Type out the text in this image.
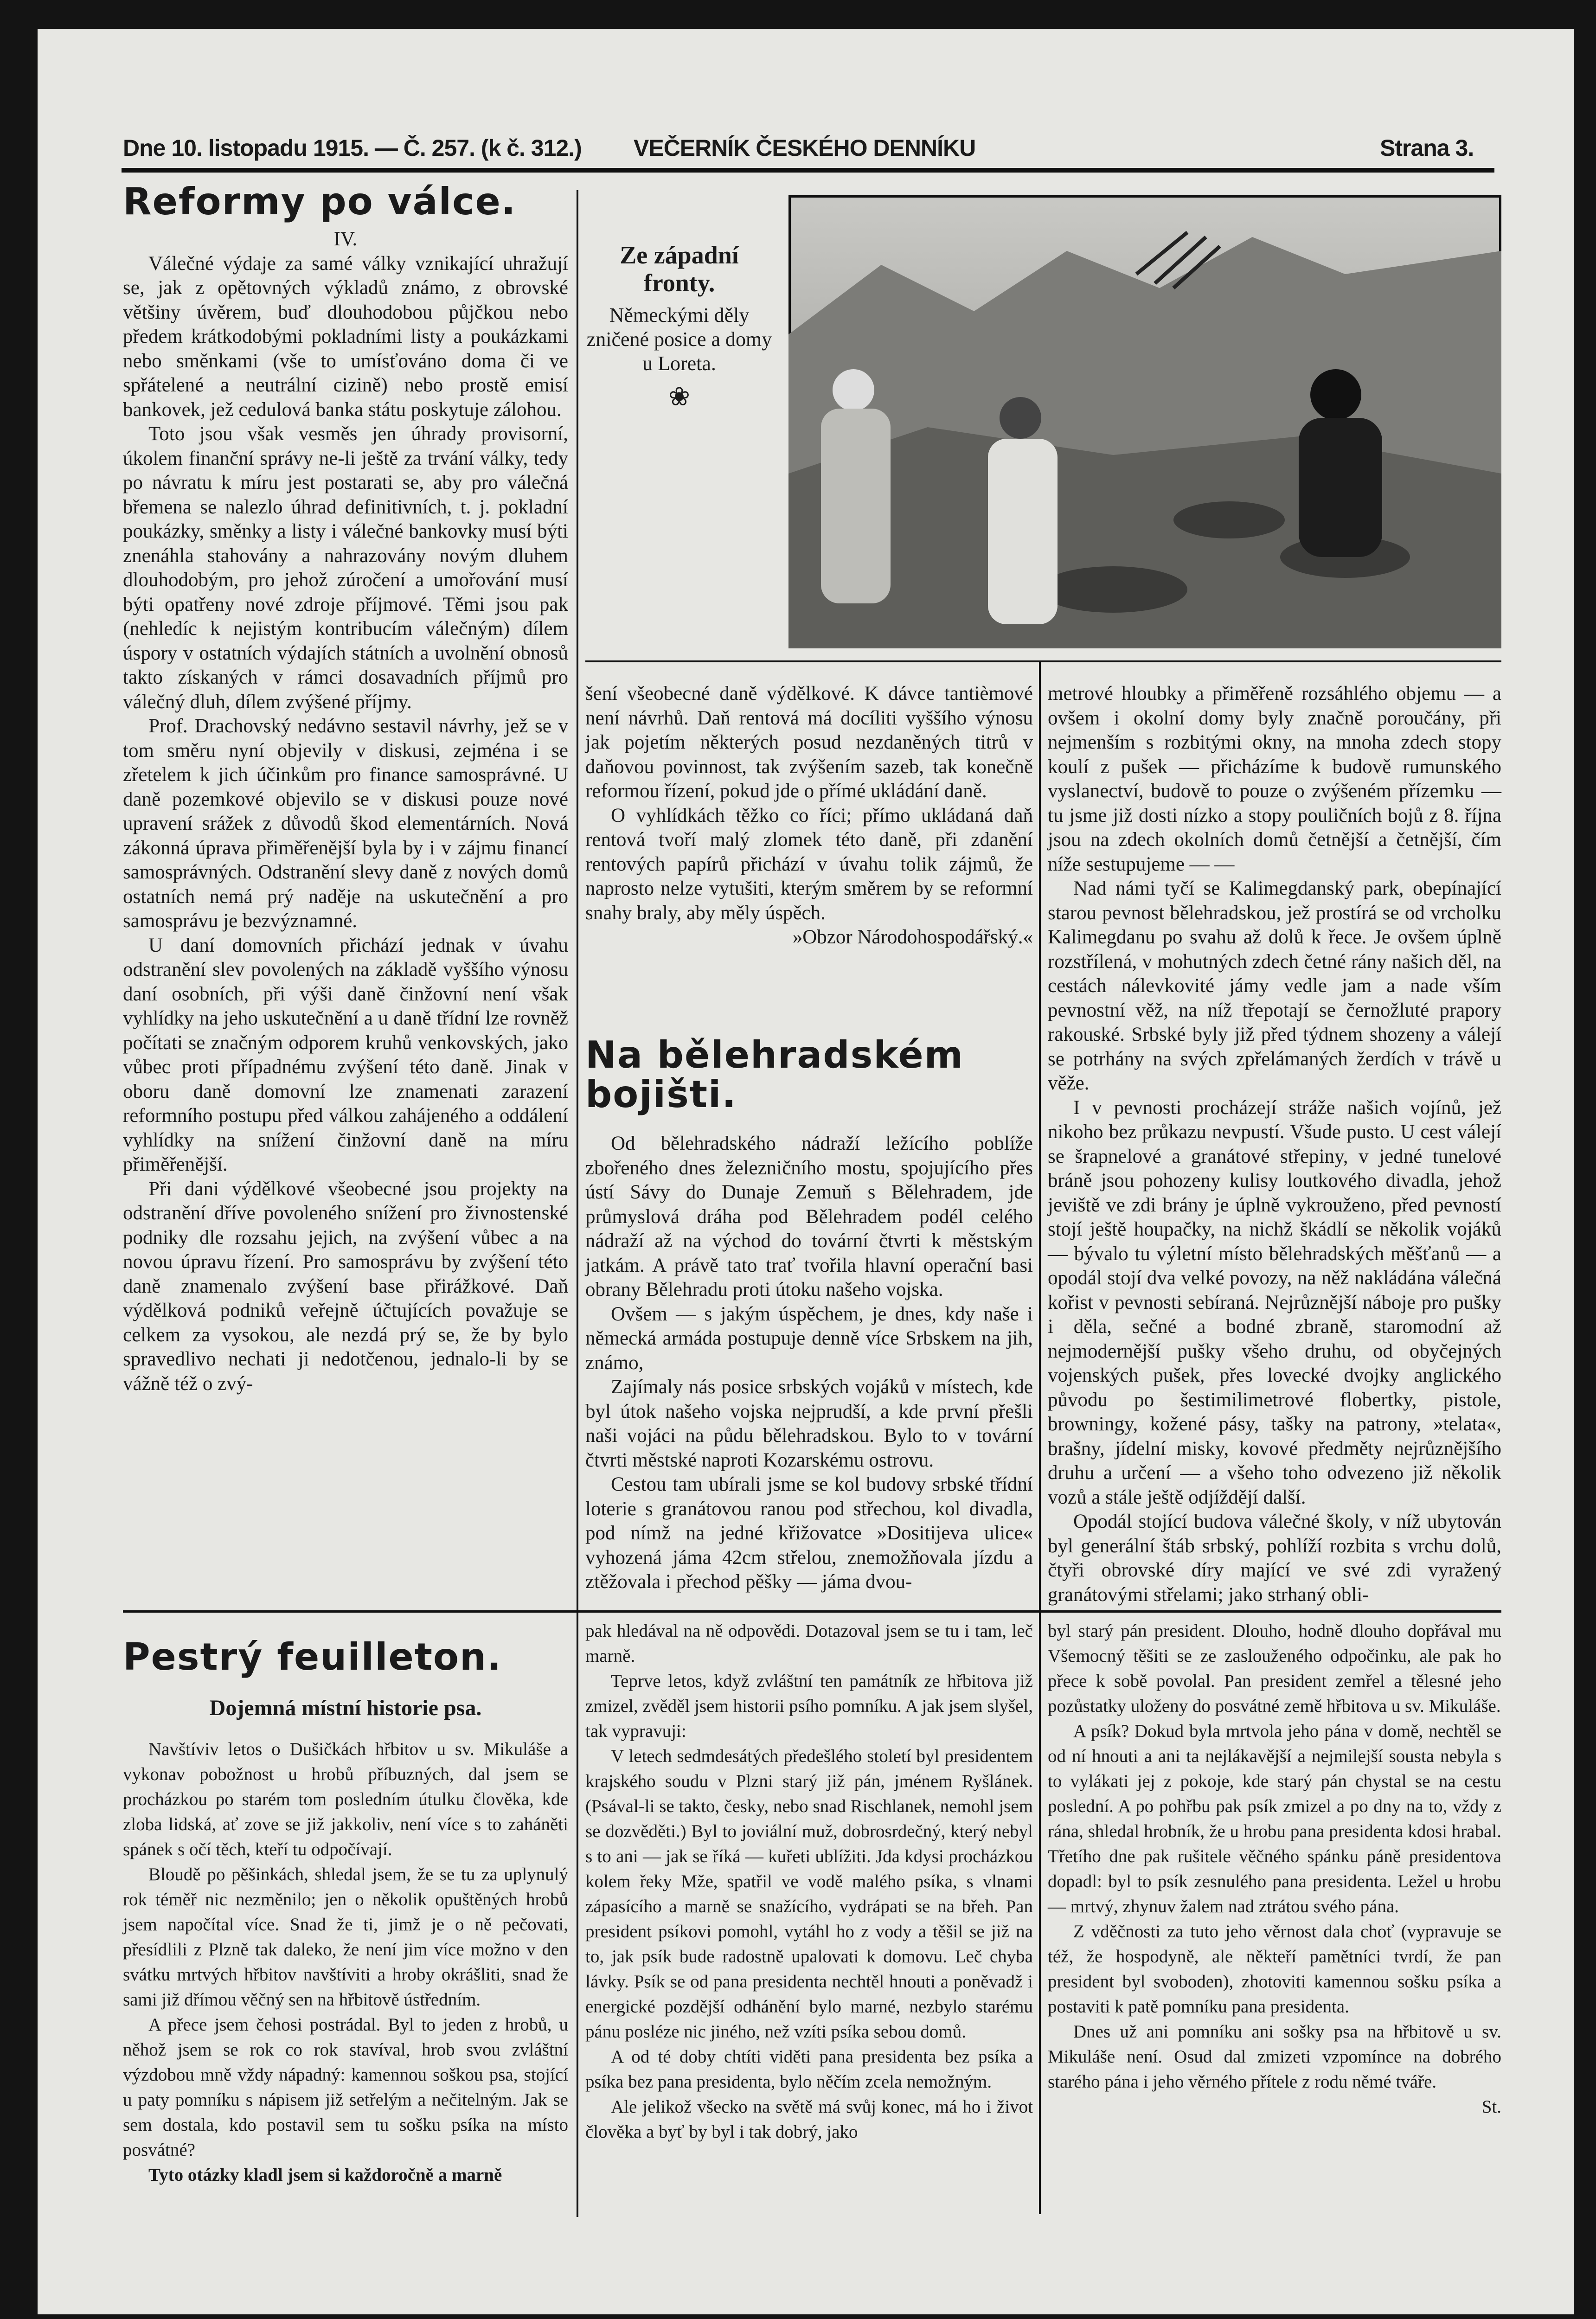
Dne 10. listopadu 1915. — Č. 257. (k č. 312.) VEČERNÍK ČESKÉHO DENNÍKU	Strana 3.
Reformy po válce.

IV.

Válečné výdaje za samé války vznikající uhražují se, jak z opětovných výkladů známo, z obrovské většiny úvěrem, buď dlouhodobou půjčkou nebo předem krátkodobými pokladními listy a poukázkami nebo směnkami (vše to umísťováno doma či ve spřátelené a neutrální cizině) nebo prostě emisí bankovek, jež cedulová banka státu poskytuje zálohou.

Toto jsou však vesměs jen úhrady provisorní, úkolem finanční správy ne-li ještě za trvání války, tedy po návratu k míru jest postarati se, aby pro válečná břemena se nalezlo úhrad definitivních, t. j. pokladní poukázky, směnky a listy i válečné bankovky musí býti znenáhla stahovány a nahrazovány novým dluhem dlouhodobým, pro jehož zúročení a umořování musí býti opatřeny nové zdroje příjmové. Těmi jsou pak (nehledíc k nejistým kontribucím válečným) dílem úspory v ostatních výdajích státních a uvolnění obnosů takto získaných v rámci dosavadních příjmů pro válečný dluh, dílem zvýšené příjmy.

Prof. Drachovský nedávno sestavil návrhy, jež se v tom směru nyní objevily v diskusi, zejména i se zřetelem k jich účinkům pro finance samosprávné. U daně pozemkové objevilo se v diskusi pouze nové upravení srážek z důvodů škod elementárních. Nová zákonná úprava přiměřenější byla by i v zájmu financí samosprávných. Odstranění slevy daně z nových domů ostatních nemá prý naděje na uskutečnění a pro samosprávu je bezvýznamné.

U daní domovních přichází jednak v úvahu odstranění slev povolených na základě vyššího výnosu daní osobních, při výši daně činžovní není však vyhlídky na jeho uskutečnění a u daně třídní lze rovněž počítati se značným odporem kruhů venkovských, jako vůbec proti případnému zvýšení této daně. Jinak v oboru daně domovní lze znamenati zarazení reformního postupu před válkou zahájeného a oddálení vyhlídky na snížení činžovní daně na míru přiměřenější.

Při dani výdělkové všeobecné jsou projekty na odstranění dříve povoleného snížení pro živnostenské podniky dle rozsahu jejich, na zvýšení vůbec a na novou úpravu řízení. Pro samosprávu by zvýšení této daně znamenalo zvýšení base přirážkové. Daň výdělková podniků veřejně účtujících považuje se celkem za vysokou, ale nezdá prý se, že by bylo spravedlivo nechati ji nedotčenou, jednalo-li by se vážně též o zvý-

Ze západní fronty.
Německými děly zničené posice a domy u Loreta.
❀

šení všeobecné daně výdělkové. K dávce tantièmové není návrhů. Daň rentová má docíliti vyššího výnosu jak pojetím některých posud nezdaněných titrů v daňovou povinnost, tak zvýšením sazeb, tak konečně reformou řízení, pokud jde o přímé ukládání daně.

O vyhlídkách těžko co říci; přímo ukládaná daň rentová tvoří malý zlomek této daně, při zdanění rentových papírů přichází v úvahu tolik zájmů, že naprosto nelze vytušiti, kterým směrem by se reformní snahy braly, aby měly úspěch.

»Obzor Národohospodářský.«

Na bělehradském bojišti.

Od bělehradského nádraží ležícího poblíže zbořeného dnes železničního mostu, spojujícího přes ústí Sávy do Dunaje Zemuň s Bělehradem, jde průmyslová dráha pod Bělehradem podél celého nádraží až na východ do tovární čtvrti k městským jatkám. A právě tato trať tvořila hlavní operační basi obrany Bělehradu proti útoku našeho vojska.

Ovšem — s jakým úspěchem, je dnes, kdy naše i německá armáda postupuje denně více Srbskem na jih, známo,

Zajímaly nás posice srbských vojáků v místech, kde byl útok našeho vojska nejprudší, a kde první přešli naši vojáci na půdu bělehradskou. Bylo to v tovární čtvrti městské naproti Kozarskému ostrovu.

Cestou tam ubírali jsme se kol budovy srbské třídní loterie s granátovou ranou pod střechou, kol divadla, pod nímž na jedné křižovatce »Dositijeva ulice« vyhozená jáma 42cm střelou, znemožňovala jízdu a ztěžovala i přechod pěšky — jáma dvou-

metrové hloubky a přiměřeně rozsáhlého objemu — a ovšem i okolní domy byly značně poroučány, při nejmenším s rozbitými okny, na mnoha zdech stopy koulí z pušek — přicházíme k budově rumunského vyslanectví, budově to pouze o zvýšeném přízemku — tu jsme již dosti nízko a stopy pouličních bojů z 8. října jsou na zdech okolních domů četnější a četnější, čím níže sestupujeme — —

Nad námi tyčí se Kalimegdanský park, obepínající starou pevnost bělehradskou, jež prostírá se od vrcholku Kalimegdanu po svahu až dolů k řece. Je ovšem úplně rozstřílená, v mohutných zdech četné rány našich děl, na cestách nálevkovité jámy vedle jam a nade vším pevnostní věž, na níž třepotají se černožluté prapory rakouské. Srbské byly již před týdnem shozeny a válejí se potrhány na svých zpřelámaných žerdích v trávě u věže.

I v pevnosti procházejí stráže našich vojínů, jež nikoho bez průkazu nevpustí. Všude pusto. U cest válejí se šrapnelové a granátové střepiny, v jedné tunelové bráně jsou pohozeny kulisy loutkového divadla, jehož jeviště ve zdi brány je úplně vykrouženo, před pevností stojí ještě houpačky, na nichž škádlí se několik vojáků — bývalo tu výletní místo bělehradských měšťanů — a opodál stojí dva velké povozy, na něž nakládána válečná kořist v pevnosti sebíraná. Nejrůznější náboje pro pušky i děla, sečné a bodné zbraně, staromodní až nejmodernější pušky všeho druhu, od obyčejných vojenských pušek, přes lovecké dvojky anglického původu po šestimilimetrové flobertky, pistole, browningy, kožené pásy, tašky na patrony, »telata«, brašny, jídelní misky, kovové předměty nejrůznějšího druhu a určení — a všeho toho odvezeno již několik vozů a stále ještě odjíždějí další.

Opodál stojící budova válečné školy, v níž ubytován byl generální štáb srbský, pohlíží rozbita s vrchu dolů, čtyři obrovské díry mající ve své zdi vyražený granátovými střelami; jako strhaný obli-

Pestrý feuilleton.
Dojemná místní historie psa.

Navštíviv letos o Dušičkách hřbitov u sv. Mikuláše a vykonav pobožnost u hrobů příbuzných, dal jsem se procházkou po starém tom posledním útulku člověka, kde zloba lidská, ať zove se již jakkoliv, není více s to zaháněti spánek s očí těch, kteří tu odpočívají.

Bloudě po pěšinkách, shledal jsem, že se tu za uplynulý rok téměř nic nezměnilo; jen o několik opuštěných hrobů jsem napočítal více. Snad že ti, jimž je o ně pečovati, přesídlili z Plzně tak daleko, že není jim více možno v den svátku mrtvých hřbitov navštíviti a hroby okrášliti, snad že sami již dřímou věčný sen na hřbitově ústředním.

A přece jsem čehosi postrádal. Byl to jeden z hrobů, u něhož jsem se rok co rok stavíval, hrob svou zvláštní výzdobou mně vždy nápadný: kamennou soškou psa, stojící u paty pomníku s nápisem již setřelým a nečitelným. Jak se sem dostala, kdo postavil sem tu sošku psíka na místo posvátné?

Tyto otázky kladl jsem si každoročně a marně

pak hledával na ně odpovědi. Dotazoval jsem se tu i tam, leč marně.

Teprve letos, když zvláštní ten památník ze hřbitova již zmizel, zvěděl jsem historii psího pomníku. A jak jsem slyšel, tak vypravuji:

V letech sedmdesátých předešlého století byl presidentem krajského soudu v Plzni starý již pán, jménem Ryšlánek. (Psával-li se takto, česky, nebo snad Rischlanek, nemohl jsem se dozvěděti.) Byl to joviální muž, dobrosrdečný, který nebyl s to ani — jak se říká — kuřeti ublížiti. Jda kdysi procházkou kolem řeky Mže, spatřil ve vodě malého psíka, s vlnami zápasícího a marně se snažícího, vydrápati se na břeh. Pan president psíkovi pomohl, vytáhl ho z vody a těšil se již na to, jak psík bude radostně upalovati k domovu. Leč chyba lávky. Psík se od pana presidenta nechtěl hnouti a poněvadž i energické pozdější odhánění bylo marné, nezbylo starému pánu posléze nic jiného, než vzíti psíka sebou domů.

A od té doby chtíti viděti pana presidenta bez psíka a psíka bez pana presidenta, bylo něčím zcela nemožným.

Ale jelikož všecko na světě má svůj konec, má ho i život člověka a byť by byl i tak dobrý, jako

byl starý pán president. Dlouho, hodně dlouho dopřával mu Všemocný těšiti se ze zaslouženého odpočinku, ale pak ho přece k sobě povolal. Pan president zemřel a tělesné jeho pozůstatky uloženy do posvátné země hřbitova u sv. Mikuláše.

A psík? Dokud byla mrtvola jeho pána v domě, nechtěl se od ní hnouti a ani ta nejlákavější a nejmilejší sousta nebyla s to vylákati jej z pokoje, kde starý pán chystal se na cestu poslední. A po pohřbu pak psík zmizel a po dny na to, vždy z rána, shledal hrobník, že u hrobu pana presidenta kdosi hrabal. Třetího dne pak rušitele věčného spánku páně presidentova dopadl: byl to psík zesnulého pana presidenta. Ležel u hrobu — mrtvý, zhynuv žalem nad ztrátou svého pána.

Z vděčnosti za tuto jeho věrnost dala choť (vypravuje se též, že hospodyně, ale někteří pamětníci tvrdí, že pan president byl svoboden), zhotoviti kamennou sošku psíka a postaviti k patě pomníku pana presidenta.

Dnes už ani pomníku ani sošky psa na hřbitově u sv. Mikuláše není. Osud dal zmizeti vzpomínce na dobrého starého pána i jeho věrného přítele z rodu němé tváře.

St.
